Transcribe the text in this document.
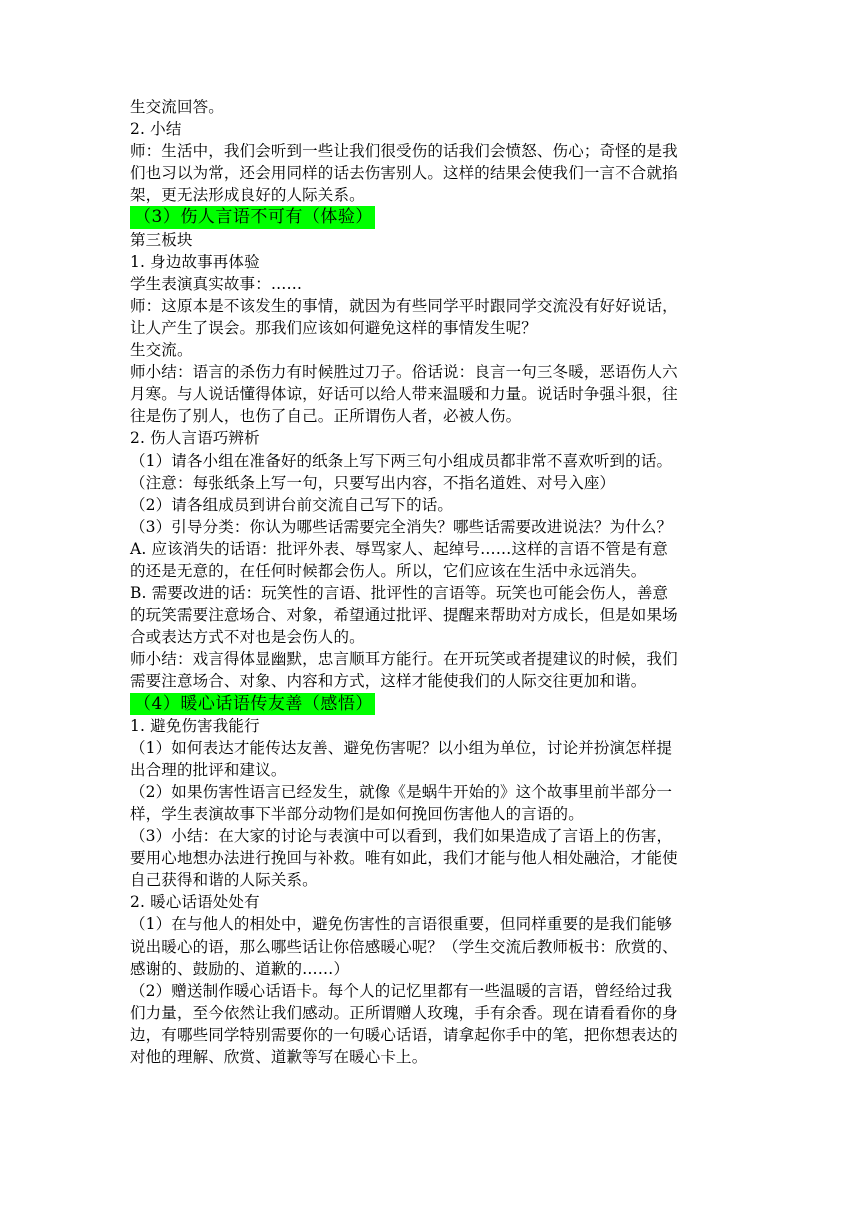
生交流回答。
2. 小结
师：生活中，我们会听到一些让我们很受伤的话我们会愤怒、伤心；奇怪的是我
们也习以为常，还会用同样的话去伤害别人。这样的结果会使我们一言不合就掐
架，更无法形成良好的人际关系。
（3）伤人言语不可有（体验）
第三板块
1. 身边故事再体验
学生表演真实故事：……
师：这原本是不该发生的事情，就因为有些同学平时跟同学交流没有好好说话，
让人产生了误会。那我们应该如何避免这样的事情发生呢？
生交流。
师小结：语言的杀伤力有时候胜过刀子。俗话说：良言一句三冬暖，恶语伤人六
月寒。与人说话懂得体谅，好话可以给人带来温暖和力量。说话时争强斗狠，往
往是伤了别人，也伤了自己。正所谓伤人者，必被人伤。
2. 伤人言语巧辨析
（1）请各小组在准备好的纸条上写下两三句小组成员都非常不喜欢听到的话。
（注意：每张纸条上写一句，只要写出内容，不指名道姓、对号入座）
（2）请各组成员到讲台前交流自己写下的话。
（3）引导分类：你认为哪些话需要完全消失？哪些话需要改进说法？为什么？
A. 应该消失的话语：批评外表、辱骂家人、起绰号……这样的言语不管是有意
的还是无意的，在任何时候都会伤人。所以，它们应该在生活中永远消失。
B. 需要改进的话：玩笑性的言语、批评性的言语等。玩笑也可能会伤人，善意
的玩笑需要注意场合、对象，希望通过批评、提醒来帮助对方成长，但是如果场
合或表达方式不对也是会伤人的。
师小结：戏言得体显幽默，忠言顺耳方能行。在开玩笑或者提建议的时候，我们
需要注意场合、对象、内容和方式，这样才能使我们的人际交往更加和谐。
（4）暖心话语传友善（感悟）
1. 避免伤害我能行
（1）如何表达才能传达友善、避免伤害呢？以小组为单位，讨论并扮演怎样提
出合理的批评和建议。
（2）如果伤害性语言已经发生，就像《是蜗牛开始的》这个故事里前半部分一
样，学生表演故事下半部分动物们是如何挽回伤害他人的言语的。
（3）小结：在大家的讨论与表演中可以看到，我们如果造成了言语上的伤害，
要用心地想办法进行挽回与补救。唯有如此，我们才能与他人相处融洽，才能使
自己获得和谐的人际关系。
2. 暖心话语处处有
（1）在与他人的相处中，避免伤害性的言语很重要，但同样重要的是我们能够
说出暖心的语，那么哪些话让你倍感暖心呢？（学生交流后教师板书：欣赏的、
感谢的、鼓励的、道歉的……）
（2）赠送制作暖心话语卡。每个人的记忆里都有一些温暖的言语，曾经给过我
们力量，至今依然让我们感动。正所谓赠人玫瑰，手有余香。现在请看看你的身
边，有哪些同学特别需要你的一句暖心话语，请拿起你手中的笔，把你想表达的
对他的理解、欣赏、道歉等写在暖心卡上。
